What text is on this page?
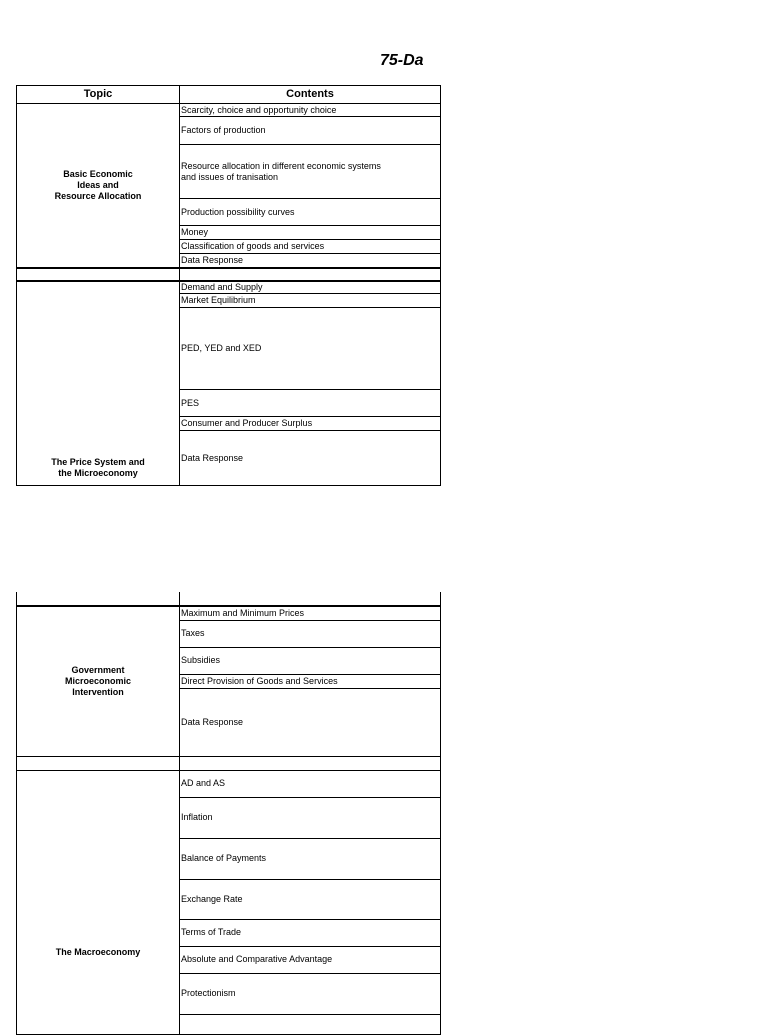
75-Da
Topic	Contents

Basic Economic
Ideas and
Resource Allocation	Scarcity, choice and opportunity choice
	Factors of production
	Resource allocation in different economic systems
and issues of tranisation
	Production possibility curves
	Money
	Classification of goods and services
	Data Response

The Price System and
the Microeconomy	Demand and Supply
	Market Equilibrium
	PED, YED and XED
	PES
	Consumer and Producer Surplus
	Data Response

Government
Microeconomic
Intervention	Maximum and Minimum Prices
	Taxes
	Subsidies
	Direct Provision of Goods and Services
	Data Response

The Macroeconomy	AD and AS
	Inflation
	Balance of Payments
	Exchange Rate
	Terms of Trade
	Absolute and Comparative Advantage
	Protectionism
